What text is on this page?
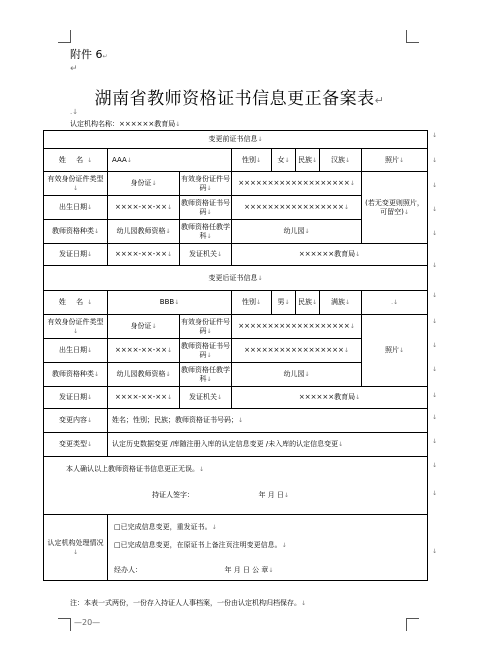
附件 6↵
↵
湖南省教师资格证书信息更正备案表↵
.↓
认定机构名称：××××××教育局↓
变更前证书信息↓							
姓 名↓	AAA↓		性别↓	女↓	民族↓	汉族↓	照片↓
有效身份证件类型↓	身份证↓	有效身份证件号码↓	×××××××××××××××××××↓				(若无变更则照片，可留空)↓
出生日期↓	××××-××-××↓	教师资格证书号码↓	×××××××××××××××××↓				
教师资格种类↓	幼儿园教师资格↓	教师资格任教学科↓	幼儿园↓				
发证日期↓	××××-××-××↓	发证机关↓	××××××教育局↓				
变更后证书信息↓							
姓 名↓	BBB↓		性别↓	男↓	民族↓	满族↓	.↓
有效身份证件类型↓	身份证↓	有效身份证件号码↓	×××××××××××××××××××↓				照片↓
出生日期↓	××××-××-××↓	教师资格证书号码↓	×××××××××××××××××↓				
教师资格种类↓	幼儿园教师资格↓	教师资格任教学科↓	幼儿园↓				
发证日期↓	××××-××-××↓	发证机关↓	××××××教育局↓				
变更内容↓	姓名；性别；民族；教师资格证书号码；↓						
变更类型↓	认定历史数据变更 /库随注册入库的认定信息变更 /未入库的认定信息变更↓						

本人确认以上教师资格证书信息更正无误。↓
持证人签字： 年 月 日↓							

认定机构处理情况↓	□已完成信息变更，重发证书。↓
□已完成信息变更，在原证书上备注页注明变更信息。↓
经办人： 年 月 日 公 章↓						
↓
↓
↓
↓
↓
↓
↓
↓
↓
↓
↓
↓
↓
↓
↓
↓
注：本表一式两份，一份存入持证人人事档案，一份由认定机构归档保存。↓
—20—
